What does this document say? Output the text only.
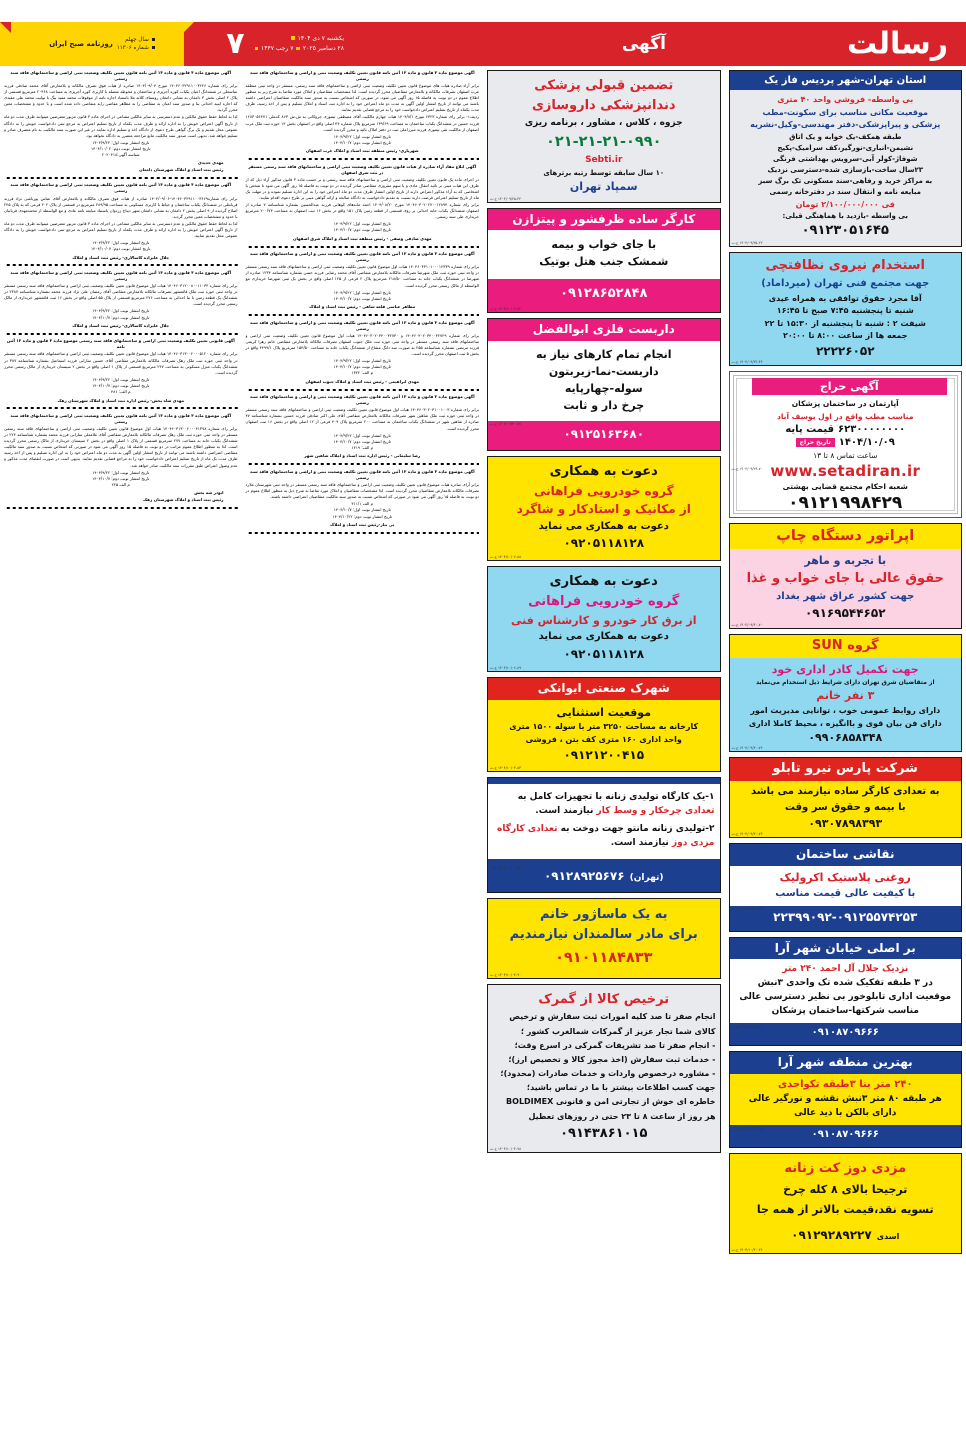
سال چهلم
شماره ۱۱۳۰۶
روزنامه صبح ایران	رسالت
آگهی
۷	یکشنبه ۷ دی ۱۴۰۴
۲۸ دسامبر ۲۰۲۵۷ رجب ۱۴۴۷
استان تهران-شهر پردیس فاز یک

بی واسطه- فروشی واحد ۴۰ متری

موقعیت مکانی مناسب برای سکونت-مطب

پزشکی و پیرا‌پزشکی-دفتر مهندسی-وکیل-نشریه

طبقه همکف-یک خوابه و یک اتاق

نشیمن-انباری-نورگیر،کف سرامیک-پکیج

شوفاژ-کولر آبی-سرویس بهداشتی فرنگی

۲۳سال ساخت-بازسازی شده-دسترسی نزدیک

به مراکز خرید و رفاهی-سند مسکونی تک برگ سبز

مبایعه نامه و انتقال سند در دفترخانه رسمی

فی ۲/۱۰۰/۰۰۰/۰۰۰ تومان

بی واسطه -بازدید با هماهنگی قبلی:

۰۹۱۲۳۰۵۱۶۴۵

۱۴۰۴/۰۹/۲۵-۲۲ خ.ت

استخدام نیروی نظافتچی

جهت مجتمع فنی تهران (میرداماد)

آقا مجرد حقوق توافقی به همراه عیدی

شنبه تا پنجشنبه ۷:۴۵ صبح تا ۱۶:۴۵

شیفت ۲ : شنبه تا پنجشنبه از ۱۵:۳۰ تا ۲۲

جمعه ها از ساعت ۸:۰۰ تا ۲۰:۰۰

۲۲۲۲۶۰۵۲

۱۴۰۴/۰۹/۲۲-۴۴ خ.ت
آگهی حراج
آپارتمان در ساختمان پزشکان
مناسب مطب واقع در اول یوسف آباد
قیمت پایه ۶۲۳۰۰۰۰۰۰۰۰
تاریخ حراج ۱۴۰۴/۱۰/۰۹
ساعت تماس ۸ تا ۱۳
www.setadiran.ir
شعبه احکام مجتمع قضایی بهشتی
۰۹۱۲۱۹۹۸۴۲۹
۱۴۰۴/۰۹/۲۹-۷۰ خ.ت
اپراتور دستگاه چاپ

با تجربه و ماهر

حقوق عالی با جای خواب و غذا

جهت کشور عراق شهر بغداد

۰۹۱۶۹۵۴۴۶۵۲

۱۴۰۴/۰۹/۳۰-۷۰ خ.ت
گروه SUN

جهت تکمیل کادر اداری خود

از متقاضیان شرق تهران دارای شرایط ذیل استخدام می‌نماید

۳ نفر خانم

دارای روابط عمومی خوب ، توانایی مدیریت امور

دارای فن بیان قوی و باانگیزه ، محیط کاملا اداری

۰۹۹۰۶۸۵۸۳۴۸

۱۴۰۴/۰۹/۳۰-۷۲ خ.ت
شرکت پارس نیرو تابلو

به تعدادی کارگر ساده نیازمند می باشد

با بیمه و حقوق سر وقت

۰۹۳۰۷۸۹۸۳۹۳

۱۴۰۴/۰۹/۳۰-۷۳ خ.ت
نقاشی ساختمان

روغنی پلاستیک اکرولیک

با کیفیت عالی قیمت مناسب

۲۲۳۹۹۰۹۲-۰۹۱۲۵۵۷۴۲۵۳

۱۴۰۴/۰۹/۳۰-۷۴ خ.ت
بر اصلی خیابان شهر آرا

نزدیک جلال آل احمد ۲۴۰ متر

در ۳ طبقه تفکیک شده تک واحدی ۳نبش

موقعیت اداری تابلوخور بی نظیر دسترسی عالی

مناسب شرکتها-ساختمان پزشکان

۰۹۱۰۸۷۰۹۶۶۶

۱۴۰۴/۱۰/۰۲-۴۸ خ.ت
بهترین منطقه شهر آرا

۲۴۰ متر بنا ۳طبقه تکواحدی

هر طبقه ۸۰ متر ۳نبش نقشه و نورگیر عالی

دارای بالکن با دید عالی

۰۹۱۰۸۷۰۹۶۶۶

۱۴۰۴/۱۰/۰۲-۴۷ خ.ت

مزدی دوز کت زنانه

ترجیحا بالای ۸ کله چرخ

تسویه نقد،قیمت بالاتر از همه جا

اسدی ۰۹۱۲۹۲۸۹۲۲۷

۱۴۰۴/۱۰/۳۰-۲۶ خ.ت

تضمین قبولی پزشکی

دندانپزشکی داروسازی

جزوه ، کلاس ، مشاور ، برنامه ریزی

۰۲۱-۲۱-۲۱-۰۹۹۰

Sebti.ir

۱۰ سال سابقه توسط رتبه برترهای

سمپاد تهران

۱۴۰۴/۰۹/۲۵-۴۴ خ.ت
کارگر ساده ظرفشور و پیتزازن

با جای خواب و بیمه

شمشک جنب هتل بوتیک

۰۹۱۲۸۶۵۲۸۴۸

۱۴۰۴/۱۰/۰۴-۸۲ خ.ت
داربست فلزی ابوالفضل

انجام تمام کارهای نیاز به

داربست-نما-زیربتون

سوله-چهارپایه

چرخ دار و ثابت

۰۹۱۲۵۱۶۳۶۸۰

۱۴۰۴/۰۹/۳۰-۷۷ خ.ت

دعوت به همکاری

گروه خودرویی فراهانی

از مکانیک و استادکار و شاگرد

دعوت به همکاری می نماید

۰۹۲۰۵۱۱۸۱۲۸

۱۴۰۴/۱۰/۰۶-۸۸ خ.ت

دعوت به همکاری

گروه خودرویی فراهانی

از برق کار خودرو و کارشناس فنی

دعوت به همکاری می نماید

۰۹۲۰۵۱۱۸۱۲۸

۱۴۰۴/۱۰/۰۶-۸۹ خ.ت
شهرک صنعتی ایوانکی

موقعیت استثنایی

کارخانه به مساحت ۳۲۵۰ متر با سوله ۱۵۰۰ متری

واحد اداری ۱۶۰ متری کف بتن ، فروشی

۰۹۱۲۱۲۰۰۴۱۵

۱۴۰۴/۱۰/۰۴-۸۳ خ.ت

۱-یک کارگاه تولیدی زنانه با تجهیزات کامل به تعدادی چرخکار و وسط کار نیازمند است.

۲-تولیدی زنانه مانتو جهت دوخت به تعدادی کارگاه مزدی دوز نیازمند است.

(تهران) ۰۹۱۲۸۹۲۵۶۷۶
۱۴۰۴/۱۰/۰۲-۴۵ خ.ت

به یک ماساژور خانم

برای مادر سالمندان نیازمندیم

۰۹۱۰۱۱۸۴۸۳۳

۱۴۰۴/۱۰/۰۴-۹۰ خ.ت

ترخیص کالا از گمرک

انجام صفر تا صد کلیه امورات ثبت سفارش و ترخیص

کالای شما تجار عزیز از گمرکات شمالغرب کشور ؛

- انجام صفر تا صد تشریفات گمرکی در اسرع وقت؛

- خدمات ثبت سفارش (اخذ مجوز کالا و تخصیص ارز)؛

- مشاوره درخصوص واردات و خدمات صادرات (محدود)؛

جهت کسب اطلاعات بیشتر با ما در تماس باشید؛

خاطره ای خوش از تجارتی امن و قانونی BOLDIMEX

هر روز از ساعت ۸ تا ۲۳ حتی در روزهای تعطیل

۰۹۱۴۳۸۶۱۰۱۵

۱۴۰۴/۱۰/۰۴-۹۸ خ.ت
آگهی موضوع ماده ۳ قانون و ماده ۱۳ آئین نامه قانون تعیین تکلیف وضعیت ثبتی و اراضی و ساختمانهای فاقد سند رسمی

برابر آراء صادره هیات های موضوع قانون تعیین تکلیف وضعیت ثبتی اراضی و ساختمانهای فاقد سند رسمی، مستقر در واحد ثبتی منطقه غرب اصفهان تصرفات مالکانه و بلامعارض متقاضیان محرز گردیده است. لذا مشخصات متقاضیان و املاک مورد تقاضا به شرح زیر به منظور اطلاع عموم در دو نوبت به فاصله ۱۵ روز آگهی می شود. در صورتی که اشخاص نسبت به صدور سند مالکیت متقاضیان اعتراضی داشته باشند می توانند از تاریخ انتشار اولین آگهی به مدت دو ماه اعتراض خود را به اداره ثبت اسناد و املاک تسلیم و پس از اخذ رسید، ظرف مدت یکماه از تاریخ تسلیم اعتراض دادخواست خود را به مرجع قضایی تقدیم نمایند.

ردیف۱- برابر رای شماره ۶۳۲۳ مورخ ۱۴۰۴/۸/۱ هیات چهارم مالکیت آقای مصطفی تیموری جروکانی به ش.ش ۸۶۳ کدملی ۱۲۸۳۰۵۶۴۷۱ فرزند حسین در ششدانگ یکباب ساختمان به مساحت ۱۳۹/۶۹ مترمربع پلاک شماره ۴۴ اصلی واقع در اصفهان بخش ۱۴ حوزه ثبت ملک غرب اصفهان از مالکیت تقی تیموری فرزند میرزاعلی ثبت در دفتر املاک تائید و محرز گردیده است.

تاریخ انتشار نوبت اول: ۱۴۰۴/۹/۲۲
تاریخ انتشار نوبت دوم: ۱۴۰۴/۱۰/۷
شهریاری- رئیس منطقه ثبت اسناد و املاک غرب اصفهان
آگهی ابلاغ مفاد آراء صادره از هیات قانون تعیین تکلیف وضعیت ثبتی اراضی و ساختمانهای فاقد سند رسمی مستقر در ثبت شرق اصفهان

در اجرای ماده یک قانون تعیین تکلیف وضعیت ثبتی اراضی و ساختمانهای فاقد سند رسمی و بر حسب ماده ۳ قانون مذکور آراء ذیل که از طرف این هیات مبنی بر تائید انتقال عادی و یا سهم مفروزی متقاضی صادر گردیده در دو نوبت به فاصله ۱۵ روز آگهی می شود تا شخص یا اشخاصی که به آراء مذکور اعتراض دارند از تاریخ اولین انتشار ظرف مدت دو ماه اعتراض خود را به این اداره تسلیم نموده و در مهلت یک ماه از تاریخ تسلیم اعتراض فرصت دارند نسبت به تقدیم دادخواست به دادگاه صالحه و ارائه گواهی مبنی بر طرح دعوی اقدام نمایند.

برابر رای شماره ۱۴۰۴۶۰۳۰۲۰۲۷۰۰۱۲۸۹۴ مورخ ۱۴۰۴/۰۸/۲۰ احمد ماندهای کوهانی فرزند عبدالحسین بشماره شناسنامه ۷ صادره از اصفهان ششدانگ یکباب خانه احداثی بر روی قسمتی از قطعه زمین پلاک ۱۵۱ واقع در بخش ۱۶ ثبت اصفهان به مساحت ۲۰۰/۷۳ مترمربع خریداری طی سند رسمی.

تاریخ انتشار نوبت اول: ۱۴۰۴/۹/۲۲
تاریخ انتشار نوبت دوم: ۱۴۰۴/۱۰/۷
مهدی صادقی وصفی - رئیس منطقه ثبت اسناد و املاک شرق اصفهان
آگهی موضوع ماده ۳ قانون و ماده ۱۳ آئین نامه قانون تعیین تکلیف وضعیت ثبتی و اراضی و ساختمانهای فاقد سند رسمی

برابر رای شماره ۱۴۰۴۶۰۳۳۱۰۱۰۰۰۱۲۳۳۹ هیات اول موضوع قانون تعیین تکلیف وضعیت ثبتی اراضی و ساختمانهای فاقد سند رسمی مستقر در واحد ثبتی حوزه ثبت ملک شهرضا تصرفات مالکانه بلامعارض متقاضی آقای محمد رضایی فرزند حسن بشماره شناسنامه ۱۲۳۴ صادره از شهرضا در ششدانگ یکباب خانه به مساحت ۲۱۸/۵۰ مترمربع پلاک ۲ فرعی از ۱۲۵ اصلی واقع در بخش یک ثبتی شهرضا خریداری مع الواسطه از مالک رسمی محرز گردیده است.

تاریخ انتشار نوبت اول: ۱۴۰۴/۹/۲۲
تاریخ انتشار نوبت دوم: ۱۴۰۴/۱۰/۷
مظاهر عباسی قلعه شاهی - رئیس ثبت اسناد و املاک
آگهی موضوع ماده ۳ قانون و ماده ۱۳ آئین نامه قانون تعیین تکلیف وضعیت ثبتی و اراضی و ساختمانهای فاقد سند رسمی

برابر رای شماره ۱۴۰۴۶۰۳۰۲۰۳۴۰۰۳۲۷۲۹ و ۱۴۰۴۶۰۳۰۲۰۳۴۰۰۳۲۷۳۰ هیات اول موضوع قانون تعیین تکلیف وضعیت ثبتی اراضی و ساختمانهای فاقد سند رسمی مستقر در واحد ثبتی حوزه ثبت ملک جنوب اصفهان تصرفات مالکانه بلامعارض متقاضی خانم زهرا کریمی فرزند مرتضی بشماره شناسنامه ۲۵۵ به صورت سه دانگ مشاع از ششدانگ یکباب خانه به مساحت ۱۵۴/۵۰ مترمربع پلاک ۴۴۹۹/۱ واقع در بخش ۵ ثبت اصفهان محرز گردیده است.

تاریخ انتشار نوبت اول: ۱۴۰۴/۹/۲۲
تاریخ انتشار نوبت دوم: ۱۴۰۴/۱۰/۷
م الف: ۱۳۲۲
مهدی ابراهیمی - رئیس ثبت اسناد و املاک جنوب اصفهان
آگهی موضوع ماده ۳ قانون و ماده ۱۳ آئین نامه قانون تعیین تکلیف وضعیت ثبتی و اراضی و ساختمانهای فاقد سند رسمی

برابر رای شماره ۱۴۰۴۶۰۳۰۲۰۳۱۰۰۱۰۰۳ هیات اول موضوع قانون تعیین تکلیف وضعیت ثبتی اراضی و ساختمانهای فاقد سند رسمی مستقر در واحد ثبتی حوزه ثبت ملک شاهین شهر تصرفات مالکانه بلامعارض متقاضی آقای علی اکبر صادقی فرزند حسین بشماره شناسنامه ۴۷ صادره از شاهین شهر در ششدانگ یکباب ساختمان به مساحت ۲۰۰ مترمربع پلاک ۴۰۹ فرعی از ۱۲ اصلی واقع در بخش ۱۶ ثبت اصفهان محرز گردیده است.

تاریخ انتشار نوبت اول: ۱۴۰۴/۹/۲۲
تاریخ انتشار نوبت دوم: ۱۴۰۴/۱۰/۷
م الف: ۱۲۱۹
رضا سلیمانی - رئیس اداره ثبت اسناد و املاک شاهین شهر
آگهی موضوع ماده ۳ قانون و ماده ۱۳ آئین نامه قانون تعیین تکلیف وضعیت ثبتی و اراضی و ساختمانهای فاقد سند رسمی

برابر آرای صادره هیات موضوع قانون تعیین تکلیف وضعیت ثبتی اراضی و ساختمانهای فاقد سند رسمی مستقر در واحد ثبتی شهرستان ملارد تصرفات مالکانه بلامعارض متقاضیان محرز گردیده است. لذا مشخصات متقاضیان و املاک مورد تقاضا به شرح ذیل به منظور اطلاع عموم در دو نوبت به فاصله ۱۵ روز آگهی می شود در صورتی که اشخاص نسبت به صدور سند مالکیت متقاضیان اعتراضی داشته باشند.

م الف ۳۱۱/۱
تاریخ انتشار نوبت اول: ۱۴۰۴/۱۰/۷
تاریخ انتشار نوبت دوم: ۱۴۰۴/۱۰/۲۲
بی نیاز-رئیس ثبت اسناد و املاک
آگهی موضوع ماده ۳ قانون و ماده ۱۳ آئین نامه قانون تعیین تکلیف وضعیت ثبتی اراضی و ساختمانهای فاقد سند رسمی

برابر رای شماره ۱۴۰۴۶۰۳۲۹۱۱۰۰۳۶۲۶ مورخ ۱۴۰۴/۰۹/۰۴ صادره از هیات فوق تصرف مالکانه و بلامعارض آقای محمد صادقی فرزند عباسعلی در ششدانگ اعیان یکباب کوره آجرپزی و ساختمان و محوطه متصله با کاربری کوره آجرپزی به مساحت ۲۰۴۶۸ مترمربع قسمتی از پلاک ۲ اصلی بخش ۳ دامغان به نشانی دامغان روستای کلاته ملا باستناد اجاره نامه از موقوفات محمد مفید بیگ با تولیت محمد علی مفیدی که اجاره ابنیه احداثی بنا و صدور سند اعیان به متقاضی را به مظاهر مقاضی رابه متقاضی داده شده است و با حدود و مشخصات معین محرز گردید.

لذا به لحاظ حفظ حقوق مالکین و عدم دسترسی به سایر مالکین مشاعی در اجرای ماده ۳ قانون مزبور معترضین میتوانند ظرف مدت دو ماه از تاریخ آگهی اعتراض خویش را به اداره ارائه و ظرف مدت یکماه از تاریخ تسلیم اعتراض به مرجع ثبتی دادخواست خویش را به دادگاه عمومی محل تقدیم و یک برگ گواهی طرح دعوی از دادگاه اخذ و تسلیم اداره نمایند در غیر این صورت سند مالکیت به نام متصرف صادر و تسلیم خواهد شد. بدیهی است صدور سند مالکیت مانع مراجعه متضرر به دادگاه نخواهد بود.

تاریخ انتشار نوبت اول: ۱۴۰۴/۹/۲۲
تاریخ انتشار نوبت دوم: ۱۴۰۴/۱۰/۰۲
شناسه آگهی:۲۰۲۰۴۱۸
مهدی جدیدی
رئیس ثبت اسناد و املاک شهرستان دامغان
آگهی موضوع ماده ۳ قانون و ماده ۱۳ آئین نامه قانون تعیین تکلیف وضعیت ثبتی اراضی و ساختمانهای فاقد سند رسمی

برابر رای شماره۱۴۰۴۶۰۳۲۹۱۱۰۰۳۶۶۹-۱۴۰۴/۰۹/۰۶ صادره از هیات فوق تصرف مالکانه و بلامعارض آقای عباس پورباشی نژاد فرزند قربانعلی در ششدانگ یکباب ساختمان و حیاط با کاربری مسکونی به مساحت ۲۸۹/۹۵ مترمربع در قسمتی از پلاک ۲۰۲ فرعی که به پلاک ۲۴۵ اصلاح گردیده از ۹ اصلی بخش ۲ دامغان به نشانی دامغان شهر دیباج زردوان باستناد مبایعه نامه عادی و مع الواسطه از محمدمهدی قربانیان با حدود و مشخصات معین محرز گردید.

لذا به لحاظ حفظ حقوق مالکین و عدم دسترسی به سایر مالکین مشاعی در اجرای ماده ۳ قانون مزبور معترضین میتوانند ظرف مدت دو ماه از تاریخ آگهی اعتراض خویش را به اداره ارائه و ظرف مدت یکماه از تاریخ تسلیم اعتراض به مرجع ثبتی دادخواست خویش را به دادگاه عمومی محل تقدیم نمایند.

تاریخ انتشار نوبت اول: ۱۴۰۴/۹/۲۲
تاریخ انتشار نوبت دوم: ۱۴۰۴/۱۰/۰۷
جلال علیزاده کاسالاری- رئیس ثبت اسناد و املاک
آگهی موضوع ماده ۳ قانون و ماده ۱۳ آئین نامه قانون تعیین تکلیف وضعیت ثبتی اراضی و ساختمانهای فاقد سند رسمی

برابر رای شماره ۱۴۰۴۶۰۳۱۲۰۰۸۰۰۱۱۰۳۳ هیات اول موضوع قانون تعیین تکلیف وضعیت ثبتی اراضی و ساختمانهای فاقد سند رسمی مستقر در واحد ثبتی حوزه ثبت ملک قائمشهر تصرفات مالکانه بلامعارض متقاضی آقای رمضان علی نژاد فرزند محمد بشماره شناسنامه ۲۳۸۷ در ششدانگ یک قطعه زمین با بنا احداثی به مساحت ۲۷۶ مترمربع قسمتی از پلاک ۵۵ اصلی واقع در بخش ۱۶ ثبت قائمشهر خریداری از مالک رسمی محرز گردیده است.

تاریخ انتشار نوبت اول: ۱۴۰۴/۹/۲۲
تاریخ انتشار نوبت دوم: ۱۴۰۴/۱۰/۷
جلال علیزاده کاسالاری- رئیس ثبت اسناد و املاک
آگهی قانونی تعیین تکلیف وضعیت ثبتی اراضی و ساختمانهای فاقد سند رسمی موضوع ماده ۳ قانون و ماده ۱۳ آئین نامه

برابر رای شماره ۱۴۰۴۶۰۳۱۳۰۰۲۰۰۰۵۱۲۰ هیات اول موضوع قانون تعیین تکلیف وضعیت ثبتی اراضی و ساختمانهای فاقد سند رسمی مستقر در واحد ثبتی حوزه ثبت ملک زهک تصرفات مالکانه بلامعارض متقاضی آقای حسین سارانی فرزند اسماعیل بشماره شناسنامه ۳۸۷ در ششدانگ یکباب منزل مسکونی به مساحت ۲۴۷ مترمربع قسمتی از پلاک ۱ اصلی واقع در بخش ۲ سیستان خریداری از مالک رسمی محرز گردیده است.

تاریخ انتشار نوبت اول: ۱۴۰۴/۹/۲۲
تاریخ انتشار نوبت دوم: ۱۴۰۴/۱۰/۷
م الف: ۴۸۱
مهدی شاه بخش- رئیس اداره ثبت اسناد و املاک شهرستان زهک
آگهی موضوع ماده ۳ قانون و ماده ۱۳ آئین نامه قانون تعیین تکلیف وضعیت ثبتی اراضی و ساختمانهای فاقد سند رسمی

برابر رای شماره ۱۴۰۴۶۰۳۱۳۰۰۲۰۰۰۴۱۳۷۸ هیات اول موضوع قانون تعیین تکلیف وضعیت ثبتی اراضی و ساختمانهای فاقد سند رسمی مستقر در واحد ثبتی حوزه ثبت ملک زهک تصرفات مالکانه بلامعارض متقاضی آقای غلامعلی سارانی فرزند محمد بشماره شناسنامه ۲۲۴ در ششدانگ یکباب خانه به مساحت ۲۷۷ مترمربع قسمتی از پلاک ۱ اصلی واقع در بخش ۲ سیستان خریداری از مالک رسمی محرز گردیده است. لذا به منظور اطلاع عموم مراتب در دو نوبت به فاصله ۱۵ روز آگهی می شود در صورتی که اشخاص نسبت به صدور سند مالکیت متقاضی اعتراضی داشته باشند می توانند از تاریخ انتشار اولین آگهی به مدت دو ماه اعتراض خود را به این اداره تسلیم و پس از اخذ رسید ظرف مدت یک ماه از تاریخ تسلیم اعتراض دادخواست خود را به مراجع قضایی تقدیم نمایند. بدیهی است در صورت انقضای مدت مذکور و عدم وصول اعتراض طبق مقررات سند مالکیت صادر خواهد شد.

تاریخ انتشار نوبت اول: ۱۴۰۴/۹/۲۲
تاریخ انتشار نوبت دوم: ۱۴۰۴/۱۰/۷
م الف ۲۲۵
ابوذر شه بخش
رئیس ثبت اسناد و املاک شهرستان زهک
